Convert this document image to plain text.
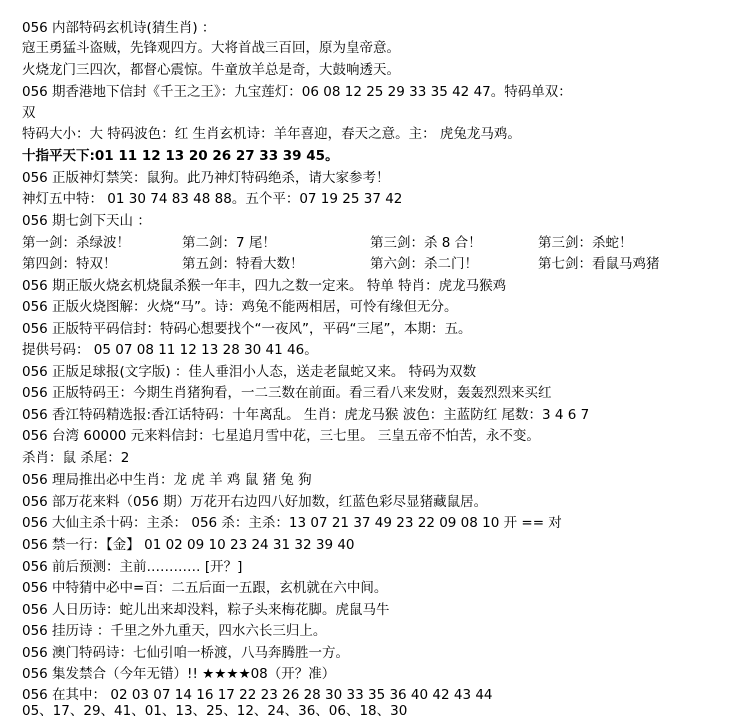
056 内部特码玄机诗(猜生肖) ：
寇王勇猛斗盗贼，先锋观四方。大将首战三百回，原为皇帝意。
火烧龙门三四次，都督心震惊。牛童放羊总是奇，大鼓响透天。
056 期香港地下信封《千王之王》：九宝莲灯：06 08 12 25 29 33 35 42 47。特码单双：
双
特码大小：大 特码波色：红 生肖玄机诗：羊年喜迎，春天之意。主： 虎兔龙马鸡。
十指平天下:01 11 12 13 20 26 27 33 39 45。
056 正版神灯禁笑：鼠狗。此乃神灯特码绝杀，请大家参考！
神灯五中特： 01 30 74 83 48 88。五个平：07 19 25 37 42
056 期七剑下天山 ：
第一剑：杀绿波！	第二剑：7 尾！	第三剑：杀 8 合！	第三剑：杀蛇！
第四剑：特双！	第五剑：特看大数！	第六剑：杀二门！	第七剑：看鼠马鸡猪
056 期正版火烧玄机烧鼠杀猴一年丰，四九之数一定来。 特单 特肖：虎龙马猴鸡
056 正版火烧图解：火烧“马”。诗：鸡兔不能两相居，可怜有缘但无分。
056 正版特平码信封：特码心想要找个“一夜风”，平码“三尾”，本期：五。
提供号码： 05 07 08 11 12 13 28 30 41 46。
056 正版足球报(文字版) ：佳人垂泪小人态，送走老鼠蛇又来。 特码为双数
056 正版特码王：今期生肖猪狗看，一二三数在前面。看三看八来发财，轰轰烈烈来买红
056 香江特码精选报:香江话特码：十年离乱。 生肖：虎龙马猴 波色：主蓝防红 尾数：3 4 6 7
056 台湾 60000 元来料信封：七星追月雪中花，三七里。 三皇五帝不怕苦，永不变。
杀肖：鼠 杀尾：2
056 理局推出必中生肖：龙 虎 羊 鸡 鼠 猪 兔 狗
056 部万花来料（056 期）万花开右边四八好加数，红蓝色彩尽显猪藏鼠居。
056 大仙主杀十码：主杀： 056 杀：主杀：13 07 21 37 49 23 22 09 08 10 开 == 对
056 禁一行：【金】 01 02 09 10 23 24 31 32 39 40
056 前后预测：主前………… [开？]
056 中特猜中必中=百：二五后面一五跟，玄机就在六中间。
056 人日历诗：蛇儿出来却没料，粽子头来梅花脚。虎鼠马牛
056 挂历诗 ：千里之外九重天，四水六长三归上。
056 澳门特码诗：七仙引咱一桥渡，八马奔腾胜一方。
056 集发禁合（今年无错）!! ★★★★08（开？准）
056 在其中： 02 03 07 14 16 17 22 23 26 28 30 33 35 36 40 42 43 44
05、17、29、41、01、13、25、12、24、36、06、18、30
